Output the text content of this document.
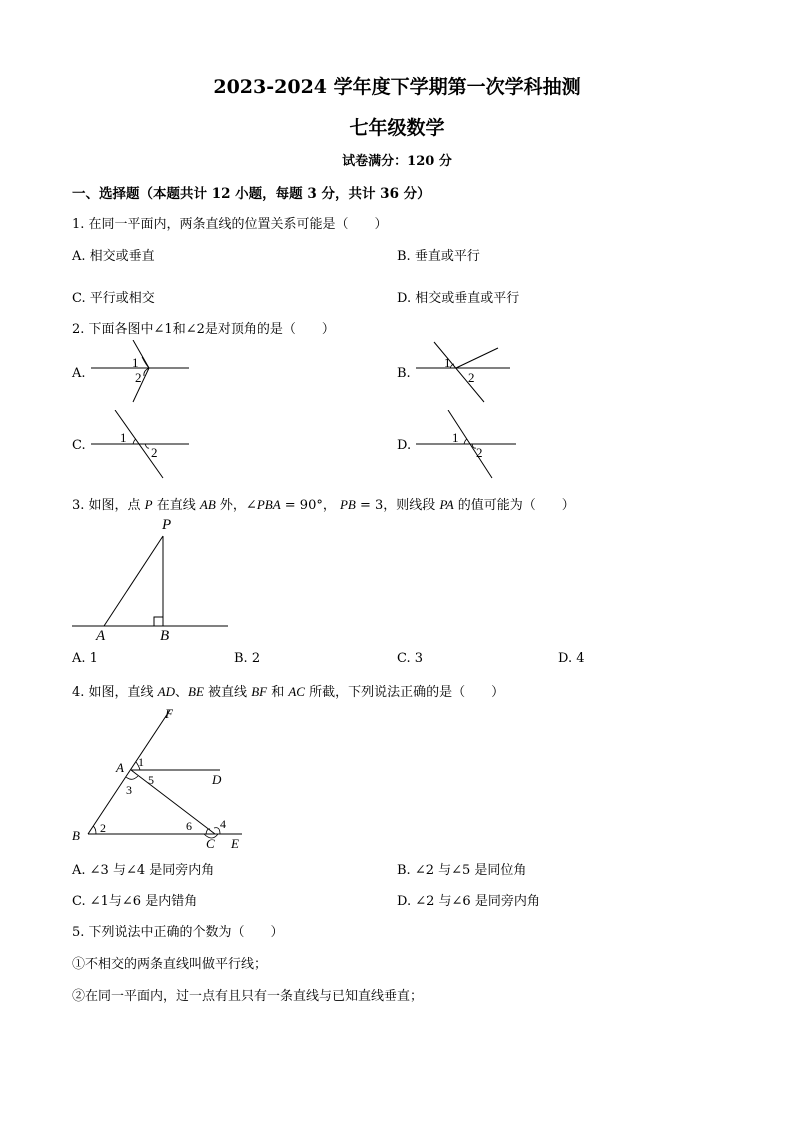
2023-2024 学年度下学期第一次学科抽测
七年级数学
试卷满分：120 分
一、选择题（本题共计 12 小题，每题 3 分，共计 36 分）
1. 在同一平面内，两条直线的位置关系可能是（　　）
A. 相交或垂直	B. 垂直或平行
C. 平行或相交	D. 相交或垂直或平行
2. 下面各图中∠1和∠2是对顶角的是（　　）
A.	B.
C.	D.
1
2
1
2
1
2
1
2
3. 如图，点 P 在直线 AB 外，∠PBA = 90°， PB = 3，则线段 PA 的值可能为（　　）
P
A	B
A. 1	B. 2	C. 3	D. 4
4. 如图，直线 AD、BE 被直线 BF 和 AC 所截，下列说法正确的是（　　）
F
A
D
B
C E
1
2
3
4
5
6
A. ∠3 与∠4 是同旁内角	B. ∠2 与∠5 是同位角
C. ∠1与∠6 是内错角	D. ∠2 与∠6 是同旁内角
5. 下列说法中正确的个数为（　　）
①不相交的两条直线叫做平行线；
②在同一平面内，过一点有且只有一条直线与已知直线垂直；
